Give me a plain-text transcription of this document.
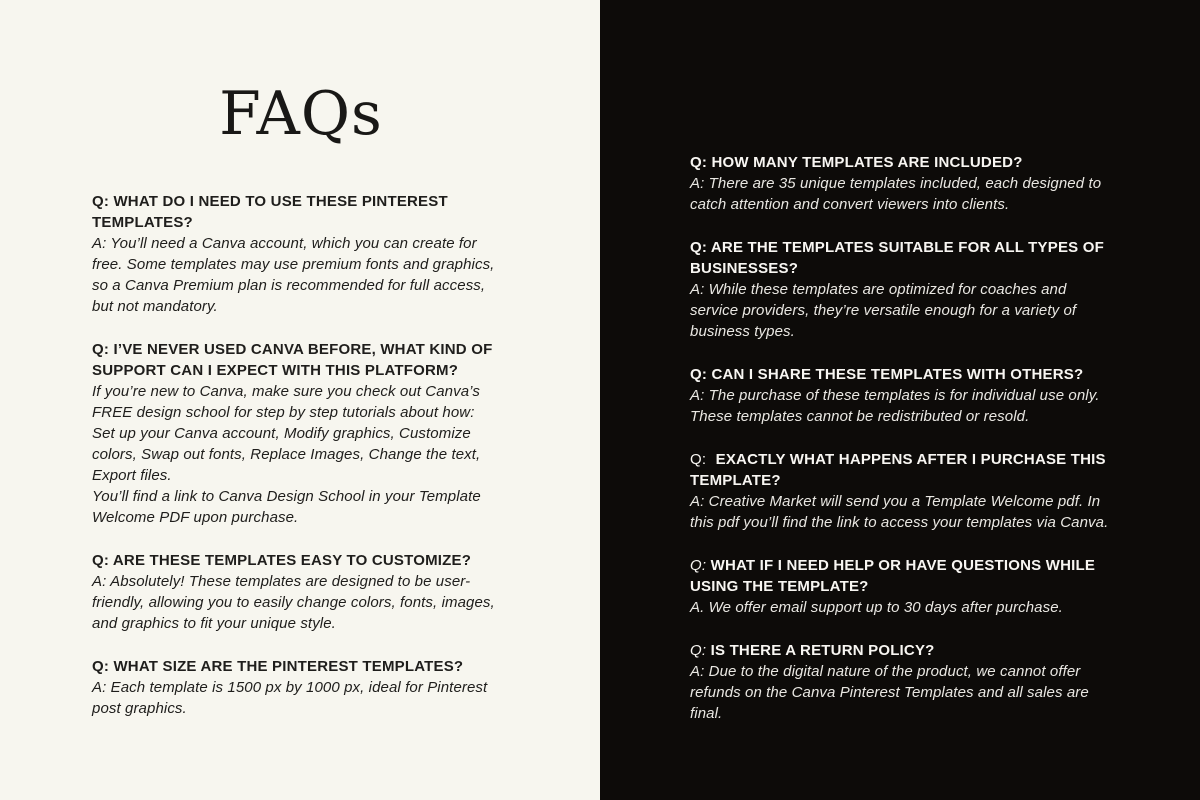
FAQs
Q: WHAT DO I NEED TO USE THESE PINTEREST TEMPLATES?

A: You’ll need a Canva account, which you can create for free. Some templates may use premium fonts and graphics, so a Canva Premium plan is recommended for full access, but not mandatory.

Q: I’VE NEVER USED CANVA BEFORE, WHAT KIND OF SUPPORT CAN I EXPECT WITH THIS PLATFORM?

If you’re new to Canva, make sure you check out Canva’s FREE design school for step by step tutorials about how:

Set up your Canva account, Modify graphics, Customize colors, Swap out fonts, Replace Images, Change the text, Export files.

You’ll find a link to Canva Design School in your Template Welcome PDF upon purchase.

Q: ARE THESE TEMPLATES EASY TO CUSTOMIZE?

A: Absolutely! These templates are designed to be user-friendly, allowing you to easily change colors, fonts, images, and graphics to fit your unique style.

Q: WHAT SIZE ARE THE PINTEREST TEMPLATES?

A: Each template is 1500 px by 1000 px, ideal for Pinterest post graphics.

Q: HOW MANY TEMPLATES ARE INCLUDED?

A: There are 35 unique templates included, each designed to catch attention and convert viewers into clients.

Q: ARE THE TEMPLATES SUITABLE FOR ALL TYPES OF BUSINESSES?

A: While these templates are optimized for coaches and service providers, they’re versatile enough for a variety of business types.

Q: CAN I SHARE THESE TEMPLATES WITH OTHERS?

A: The purchase of these templates is for individual use only. These templates cannot be redistributed or resold.

Q: EXACTLY WHAT HAPPENS AFTER I PURCHASE THIS TEMPLATE?

A: Creative Market will send you a Template Welcome pdf. In this pdf you’ll find the link to access your templates via Canva.

Q: WHAT IF I NEED HELP OR HAVE QUESTIONS WHILE USING THE TEMPLATE?

A. We offer email support up to 30 days after purchase.

Q: IS THERE A RETURN POLICY?

A: Due to the digital nature of the product, we cannot offer refunds on the Canva Pinterest Templates and all sales are final.
